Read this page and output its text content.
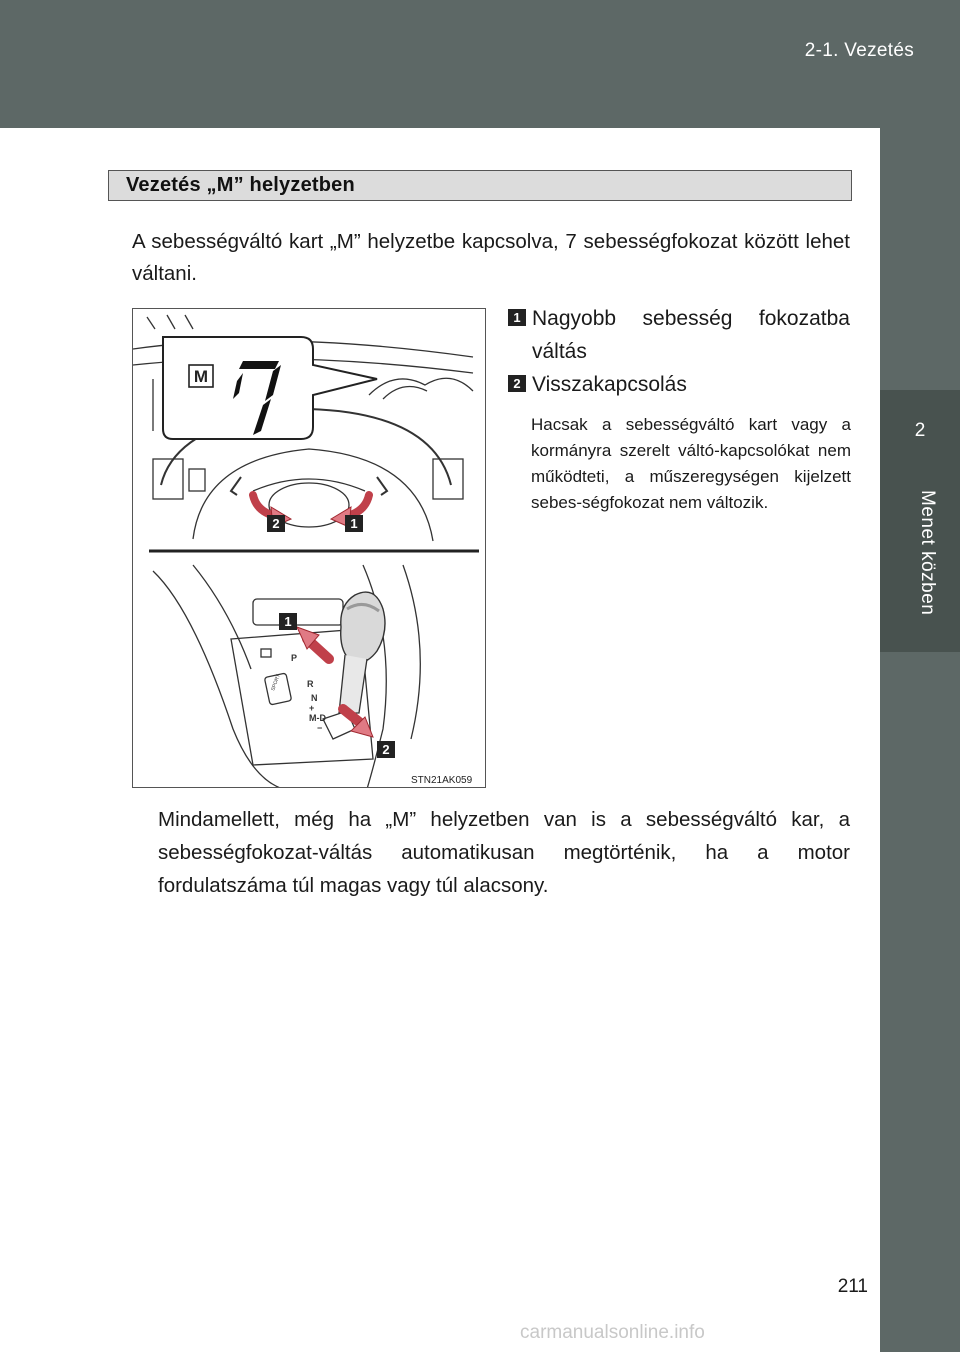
2-1. Vezetés
2
Menet közben
Vezetés „M” helyzetben
A sebességváltó kart „M” helyzetbe kapcsolva, 7 sebességfokozat között lehet váltani.
2	1
M
7
SPORT
P
R
N
+
M-D
−
1
2
STN21AK059
1 Nagyobb sebesség fokozatba váltás
2 Visszakapcsolás
Hacsak a sebességváltó kart vagy a kormányra szerelt váltó-kapcsolókat nem működteti, a műszeregységen kijelzett sebes-ségfokozat nem változik.
Mindamellett, még ha „M” helyzetben van is a sebességváltó kar, a sebességfokozat-váltás automatikusan megtörténik, ha a motor fordulatszáma túl magas vagy túl alacsony.
211
carmanualsonline.info
